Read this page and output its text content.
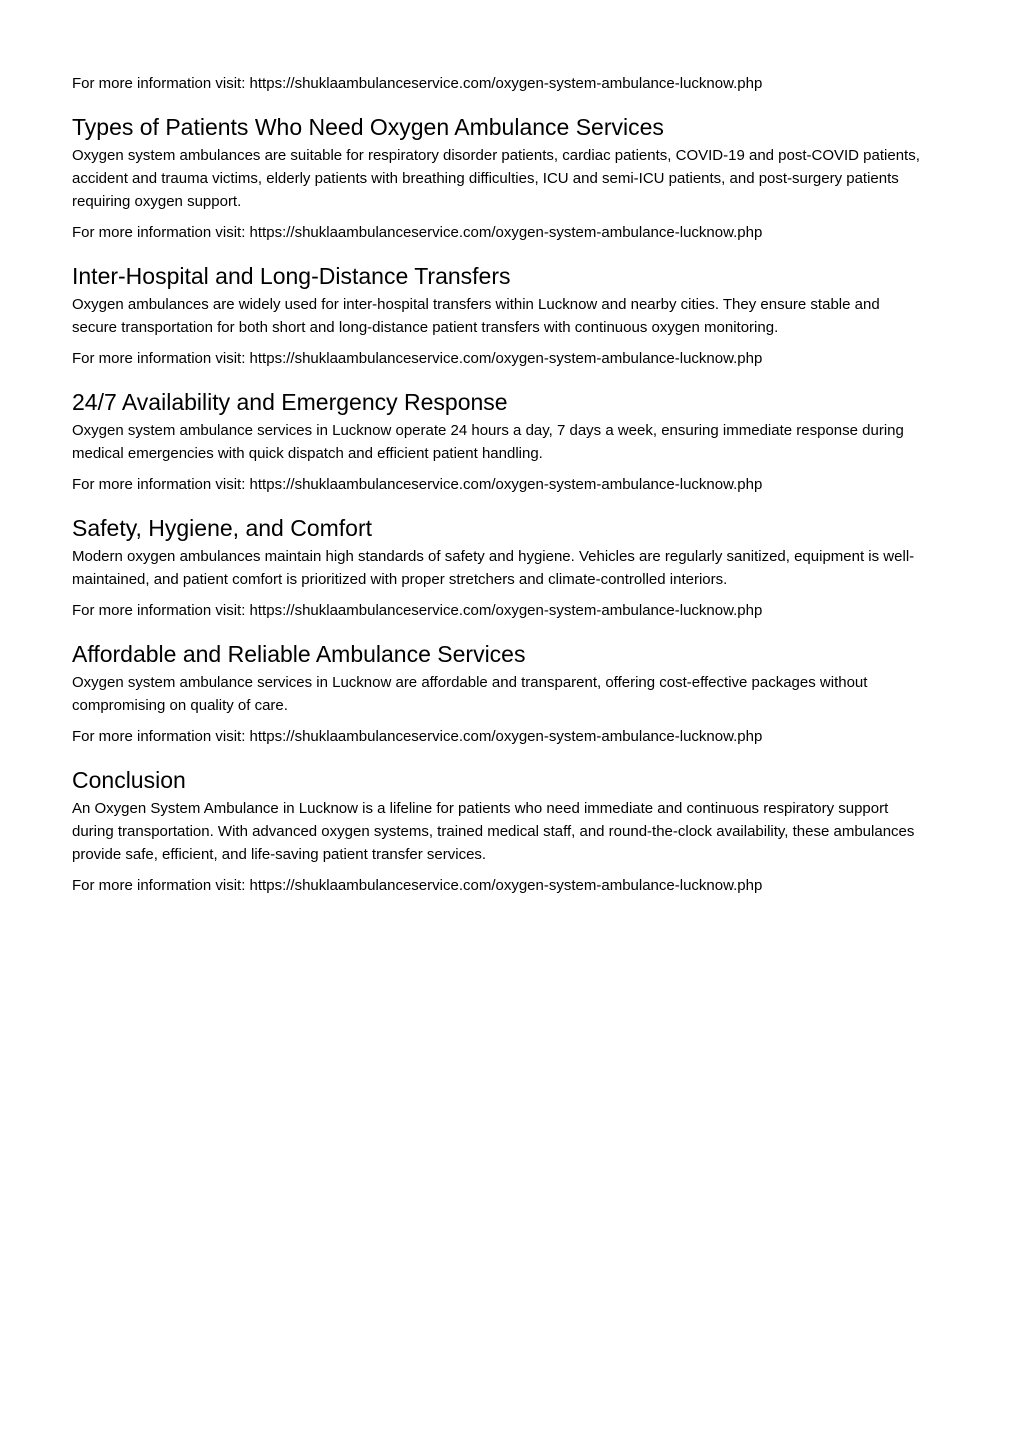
For more information visit: https://shuklaambulanceservice.com/oxygen-system-ambulance-lucknow.php

Types of Patients Who Need Oxygen Ambulance Services

Oxygen system ambulances are suitable for respiratory disorder patients, cardiac patients, COVID-19 and post-COVID patients, accident and trauma victims, elderly patients with breathing difficulties, ICU and semi-ICU patients, and post-surgery patients requiring oxygen support.

For more information visit: https://shuklaambulanceservice.com/oxygen-system-ambulance-lucknow.php

Inter-Hospital and Long-Distance Transfers

Oxygen ambulances are widely used for inter-hospital transfers within Lucknow and nearby cities. They ensure stable and secure transportation for both short and long-distance patient transfers with continuous oxygen monitoring.

For more information visit: https://shuklaambulanceservice.com/oxygen-system-ambulance-lucknow.php

24/7 Availability and Emergency Response

Oxygen system ambulance services in Lucknow operate 24 hours a day, 7 days a week, ensuring immediate response during medical emergencies with quick dispatch and efficient patient handling.

For more information visit: https://shuklaambulanceservice.com/oxygen-system-ambulance-lucknow.php

Safety, Hygiene, and Comfort

Modern oxygen ambulances maintain high standards of safety and hygiene. Vehicles are regularly sanitized, equipment is well-maintained, and patient comfort is prioritized with proper stretchers and climate-controlled interiors.

For more information visit: https://shuklaambulanceservice.com/oxygen-system-ambulance-lucknow.php

Affordable and Reliable Ambulance Services

Oxygen system ambulance services in Lucknow are affordable and transparent, offering cost-effective packages without compromising on quality of care.

For more information visit: https://shuklaambulanceservice.com/oxygen-system-ambulance-lucknow.php

Conclusion

An Oxygen System Ambulance in Lucknow is a lifeline for patients who need immediate and continuous respiratory support during transportation. With advanced oxygen systems, trained medical staff, and round-the-clock availability, these ambulances provide safe, efficient, and life-saving patient transfer services.

For more information visit: https://shuklaambulanceservice.com/oxygen-system-ambulance-lucknow.php
